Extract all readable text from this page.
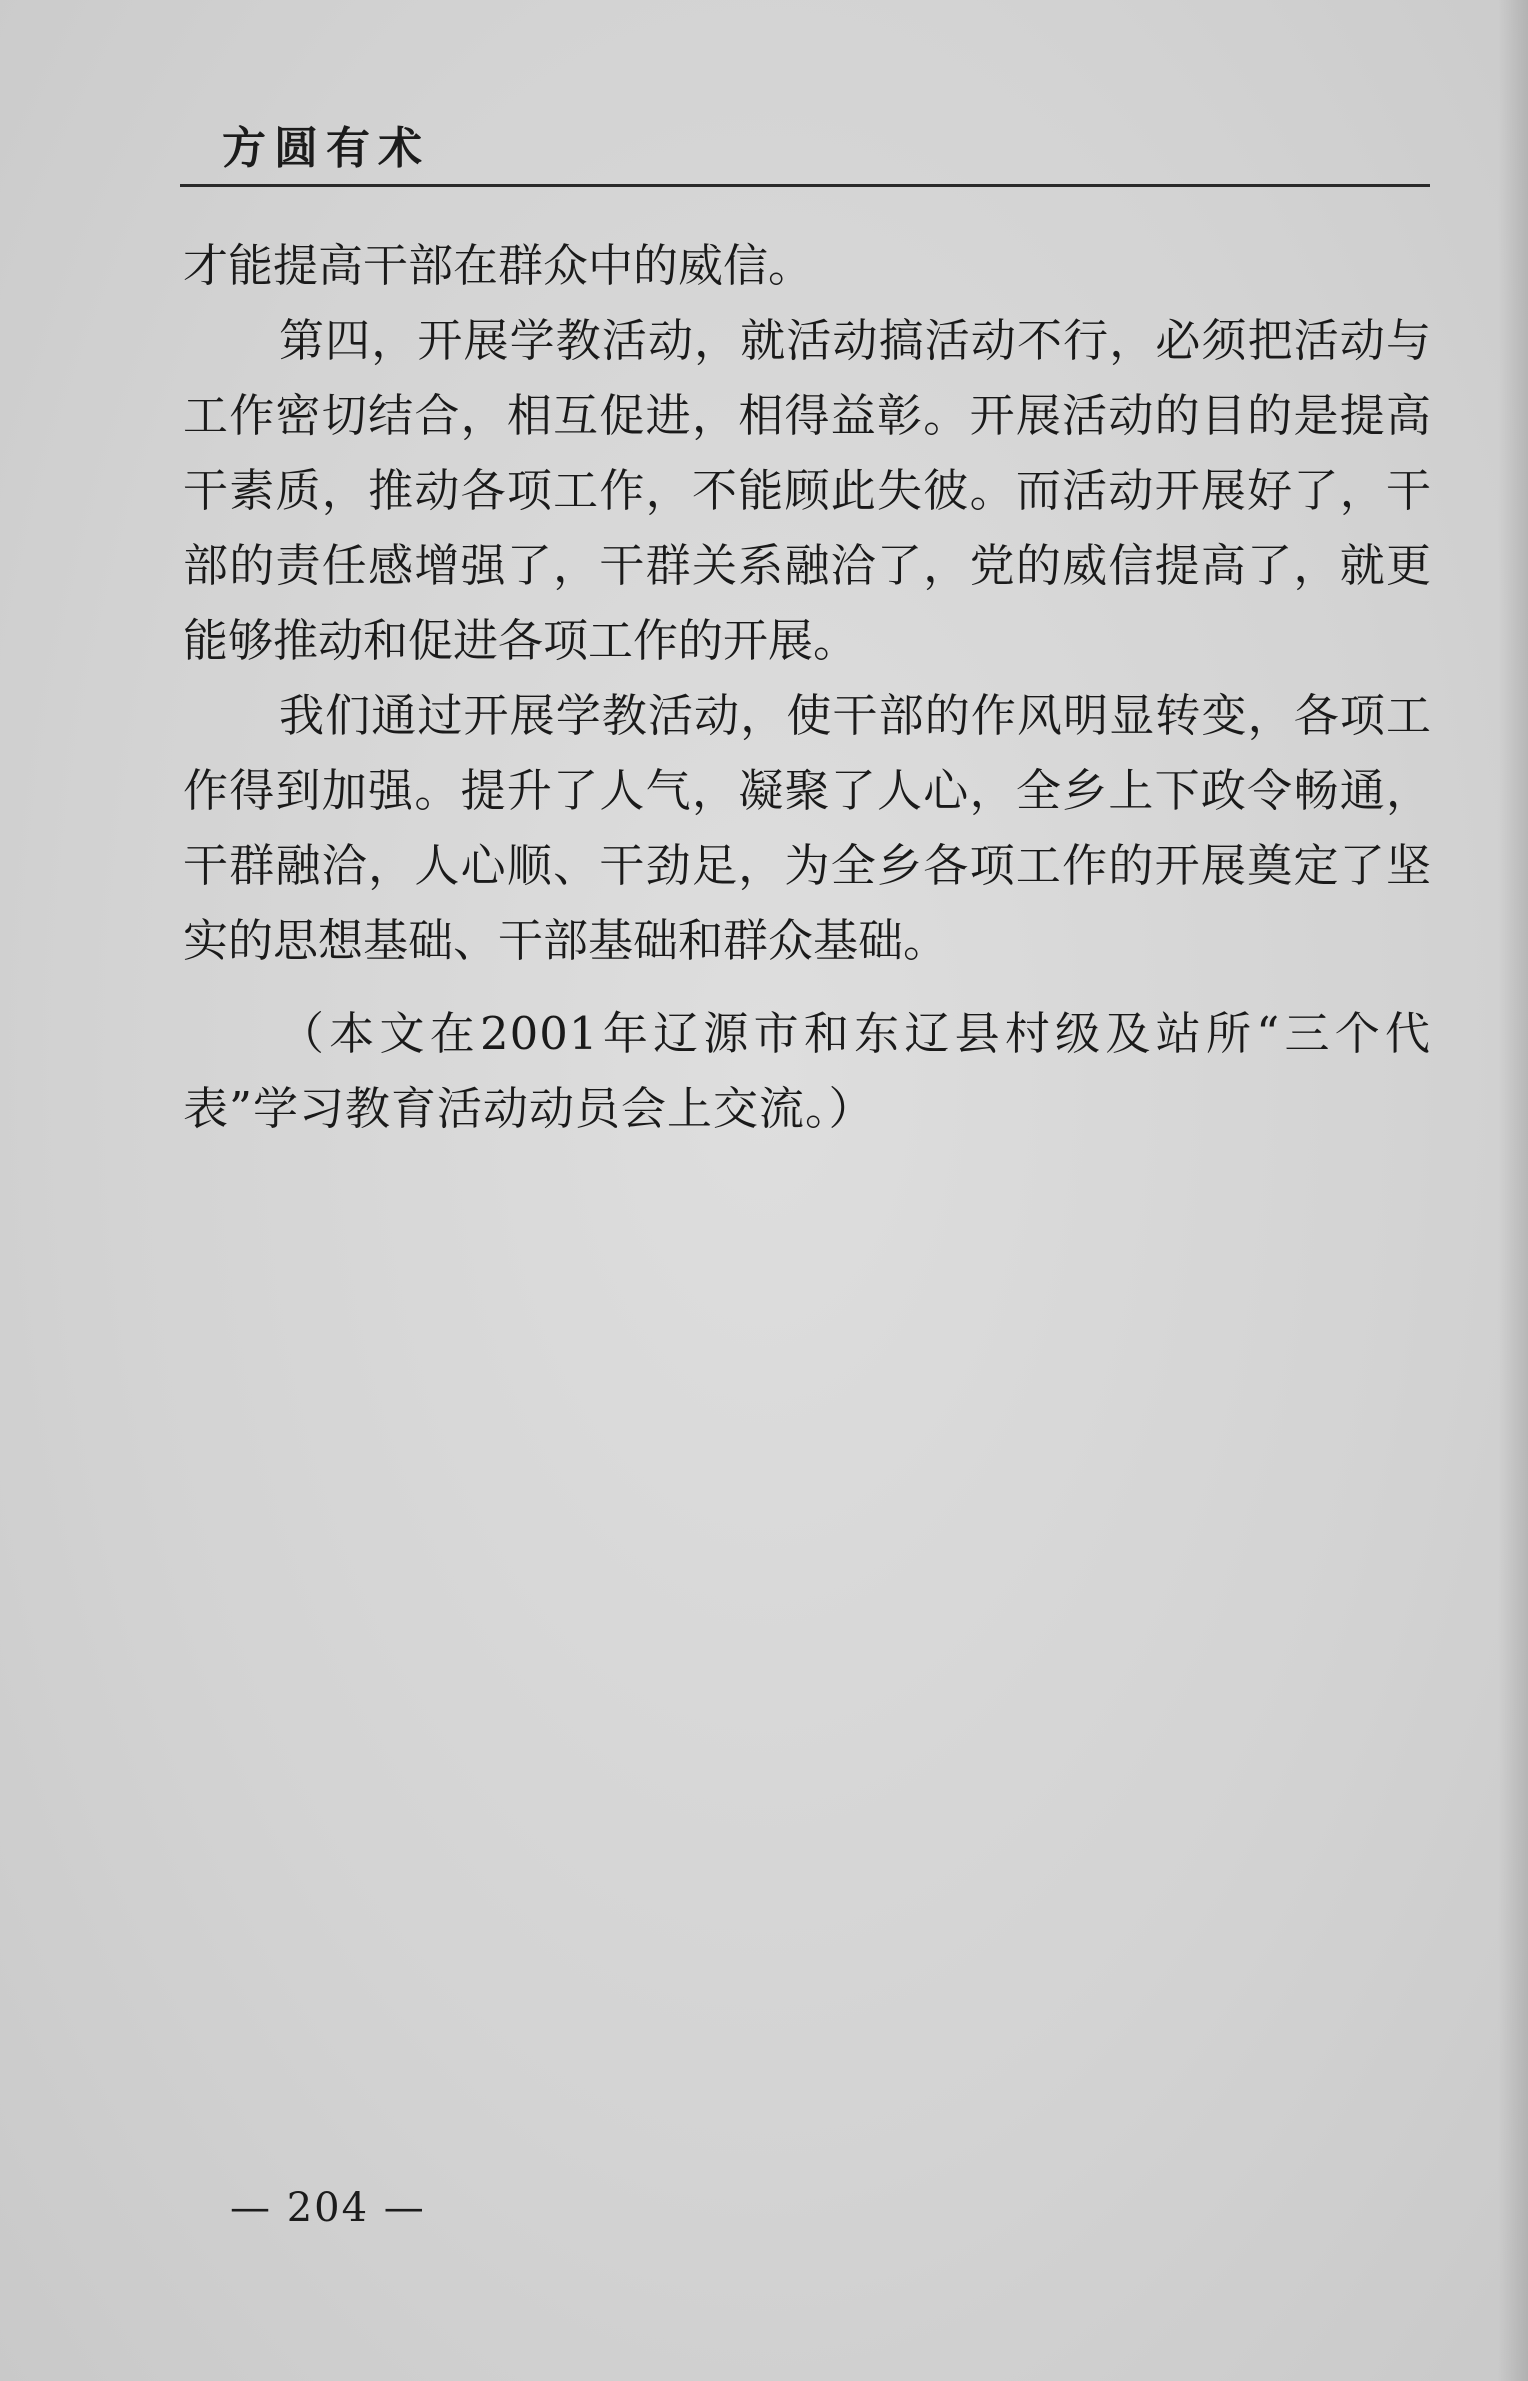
方圆有术

才能提高干部在群众中的威信。

第四，开展学教活动，就活动搞活动不行，必须把活动与工作密切结合，相互促进，相得益彰。开展活动的目的是提高干素质，推动各项工作，不能顾此失彼。而活动开展好了，干部的责任感增强了，干群关系融洽了，党的威信提高了，就更能够推动和促进各项工作的开展。

我们通过开展学教活动，使干部的作风明显转变，各项工作得到加强。提升了人气，凝聚了人心，全乡上下政令畅通，干群融洽，人心顺、干劲足，为全乡各项工作的开展奠定了坚实的思想基础、干部基础和群众基础。

（本文在2001年辽源市和东辽县村级及站所“三个代表”学习教育活动动员会上交流。）

— 204 —
